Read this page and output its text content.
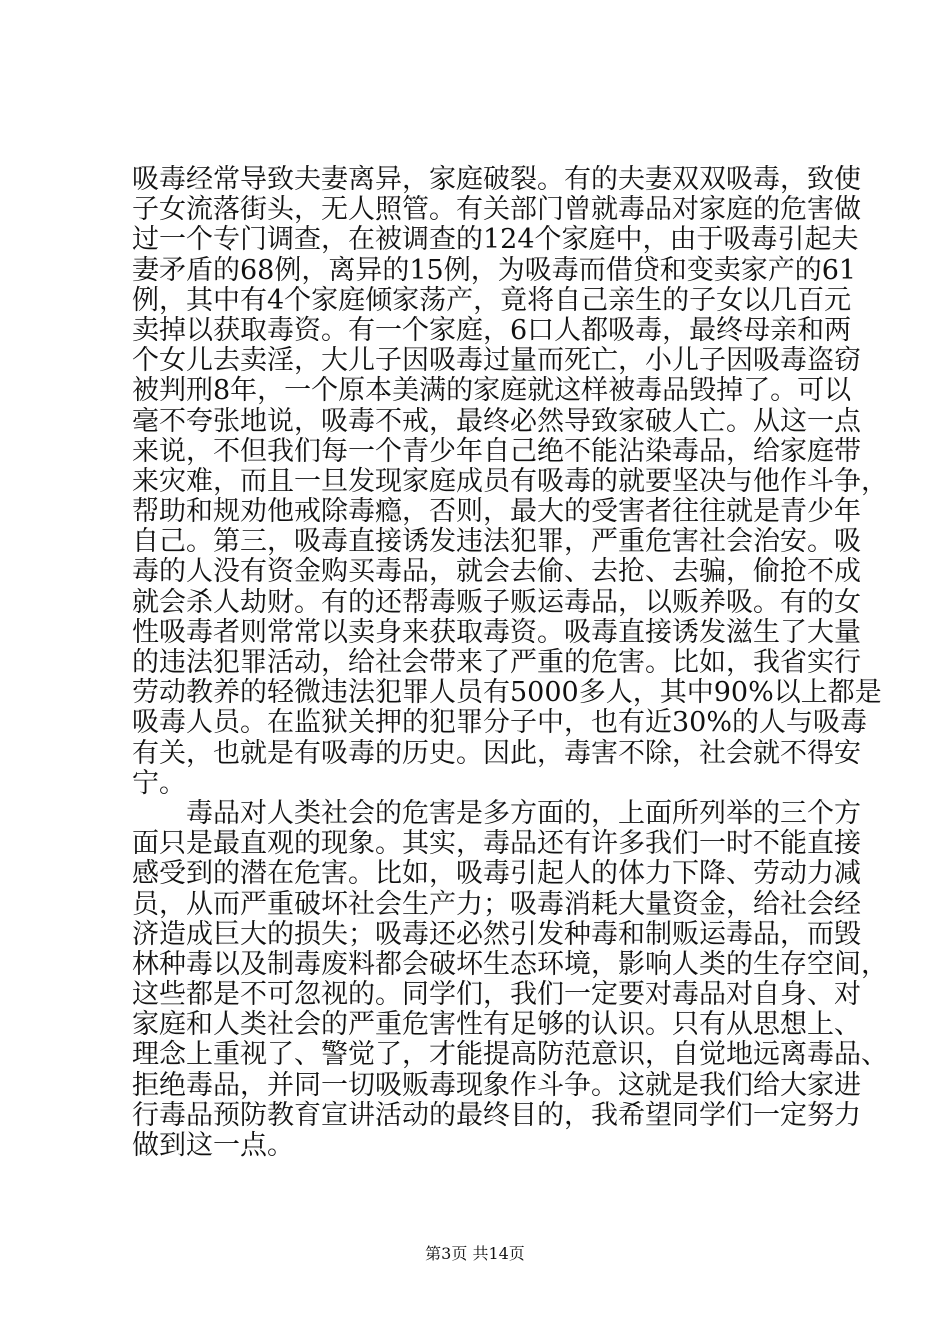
吸毒经常导致夫妻离异，家庭破裂。有的夫妻双双吸毒，致使

子女流落街头，无人照管。有关部门曾就毒品对家庭的危害做

过一个专门调查，在被调查的124个家庭中，由于吸毒引起夫

妻矛盾的68例，离异的15例，为吸毒而借贷和变卖家产的61

例，其中有4个家庭倾家荡产，竟将自己亲生的子女以几百元

卖掉以获取毒资。有一个家庭，6口人都吸毒，最终母亲和两

个女儿去卖淫，大儿子因吸毒过量而死亡，小儿子因吸毒盗窃

被判刑8年，一个原本美满的家庭就这样被毒品毁掉了。可以

毫不夸张地说，吸毒不戒，最终必然导致家破人亡。从这一点

来说，不但我们每一个青少年自己绝不能沾染毒品，给家庭带

来灾难，而且一旦发现家庭成员有吸毒的就要坚决与他作斗争，

帮助和规劝他戒除毒瘾，否则，最大的受害者往往就是青少年

自己。第三，吸毒直接诱发违法犯罪，严重危害社会治安。吸

毒的人没有资金购买毒品，就会去偷、去抢、去骗，偷抢不成

就会杀人劫财。有的还帮毒贩子贩运毒品，以贩养吸。有的女

性吸毒者则常常以卖身来获取毒资。吸毒直接诱发滋生了大量

的违法犯罪活动，给社会带来了严重的危害。比如，我省实行

劳动教养的轻微违法犯罪人员有5000多人，其中90%以上都是

吸毒人员。在监狱关押的犯罪分子中，也有近30%的人与吸毒

有关，也就是有吸毒的历史。因此，毒害不除，社会就不得安

宁。

　　毒品对人类社会的危害是多方面的，上面所列举的三个方

面只是最直观的现象。其实，毒品还有许多我们一时不能直接

感受到的潜在危害。比如，吸毒引起人的体力下降、劳动力减

员，从而严重破坏社会生产力；吸毒消耗大量资金，给社会经

济造成巨大的损失；吸毒还必然引发种毒和制贩运毒品，而毁

林种毒以及制毒废料都会破坏生态环境，影响人类的生存空间，

这些都是不可忽视的。同学们，我们一定要对毒品对自身、对

家庭和人类社会的严重危害性有足够的认识。只有从思想上、

理念上重视了、警觉了，才能提高防范意识，自觉地远离毒品、

拒绝毒品，并同一切吸贩毒现象作斗争。这就是我们给大家进

行毒品预防教育宣讲活动的最终目的，我希望同学们一定努力

做到这一点。

第3页 共14页
